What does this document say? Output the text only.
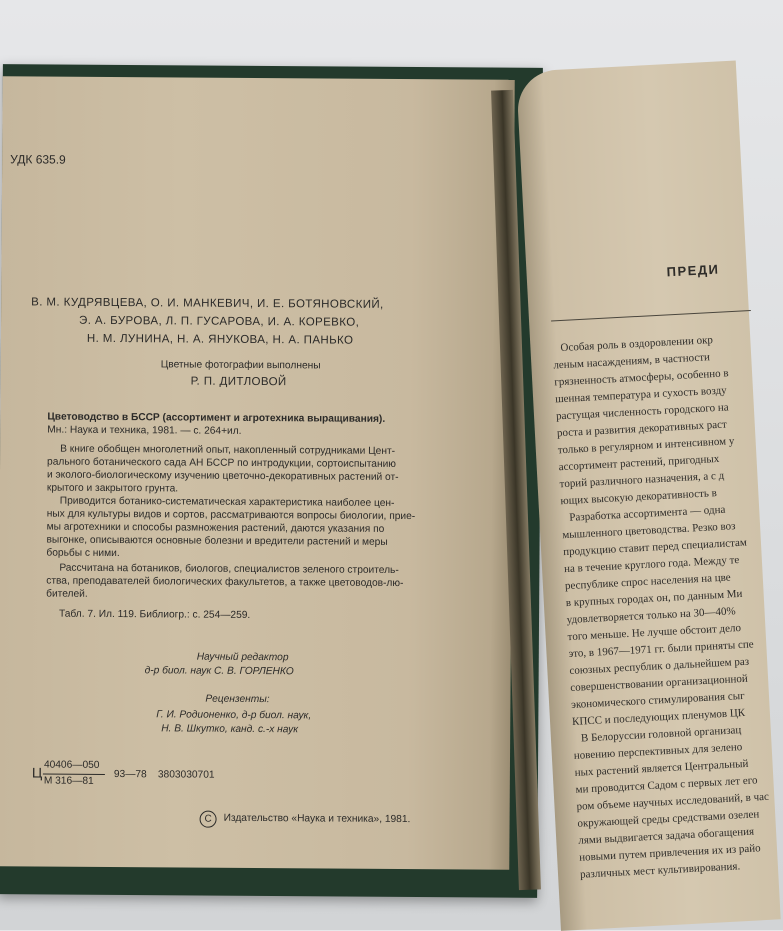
УДК 635.9
В. М. КУДРЯВЦЕВА, О. И. МАНКЕВИЧ, И. Е. БОТЯНОВСКИЙ,
Э. А. БУРОВА, Л. П. ГУСАРОВА, И. А. КОРЕВКО,
Н. М. ЛУНИНА, Н. А. ЯНУКОВА, Н. А. ПАНЬКО
Цветные фотографии выполнены
Р. П. ДИТЛОВОЙ
Цветоводство в БССР (ассортимент и агротехника выращивания).
Мн.: Наука и техника, 1981. — с. 264+ил.
В книге обобщен многолетний опыт, накопленный сотрудниками Цент-
рального ботанического сада АН БССР по интродукции, сортоиспытанию
и эколого-биологическому изучению цветочно-декоративных растений от-
крытого и закрытого грунта.
Приводится ботанико-систематическая характеристика наиболее цен-
ных для культуры видов и сортов, рассматриваются вопросы биологии, прие-
мы агротехники и способы размножения растений, даются указания по
выгонке, описываются основные болезни и вредители растений и меры
борьбы с ними.
Рассчитана на ботаников, биологов, специалистов зеленого строитель-
ства, преподавателей биологических факультетов, а также цветоводов-лю-
бителей.
Табл. 7. Ил. 119. Библиогр.: с. 254—259.
Научный редактор
д-р биол. наук С. В. ГОРЛЕНКО
Рецензенты:
Г. И. Родионенко, д-р биол. наук,
Н. В. Шкутко, канд. с.-х наук
Ц 40406—050
М 316—81
93—78 3803030701
С	Издательство «Наука и техника», 1981.
ПРЕДИ
Особая роль в оздоровлении окр
леным насаждениям, в частности
грязненность атмосферы, особенно в
шенная температура и сухость возду
растущая численность городского на
роста и развития декоративных раст
только в регулярном и интенсивном у
ассортимент растений, пригодных
торий различного назначения, а с д
ющих высокую декоративность в
Разработка ассортимента — одна
мышленного цветоводства. Резко воз
продукцию ставит перед специалистам
на в течение круглого года. Между те
республике спрос населения на цве
в крупных городах он, по данным Ми
удовлетворяется только на 30—40%
того меньше. Не лучше обстоит дело
это, в 1967—1971 гг. были приняты спе
союзных республик о дальнейшем раз
совершенствовании организационной
экономического стимулирования сыг
КПСС и последующих пленумов ЦК
В Белоруссии головной организац
новению перспективных для зелено
ных растений является Центральный
ми проводится Садом с первых лет его
ром объеме научных исследований, в час
окружающей среды средствами озелен
лями выдвигается задача обогащения
новыми путем привлечения их из райо
различных мест культивирования.
